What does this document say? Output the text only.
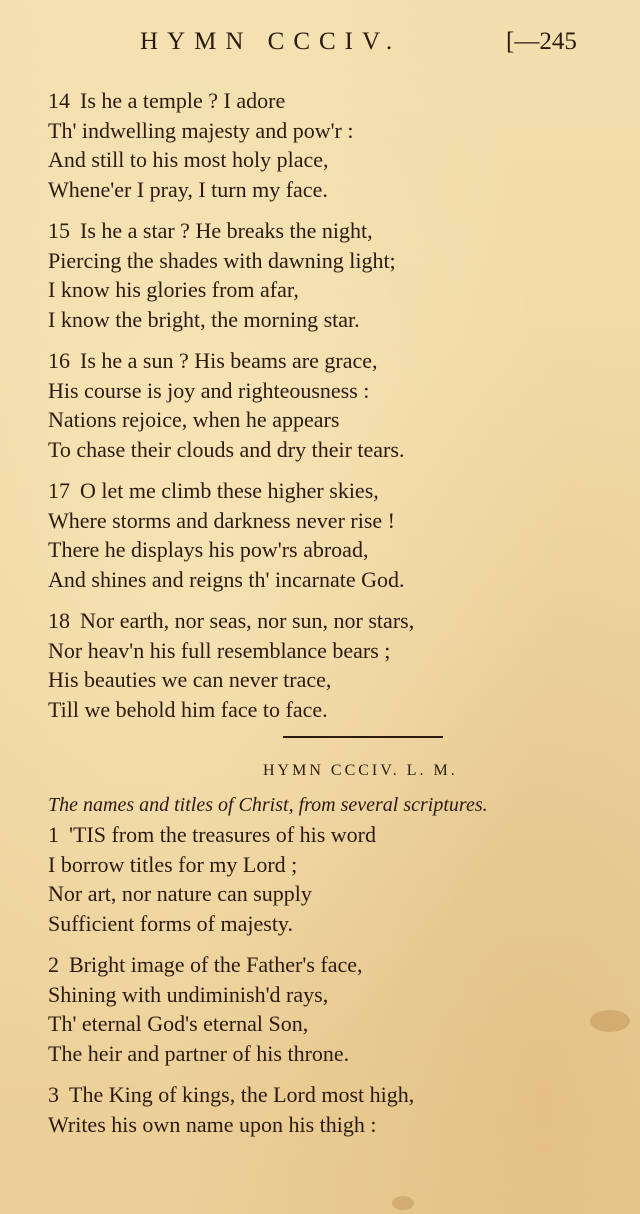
HYMN CCCIV.	[—245
14 Is he a temple ? I adore
Th' indwelling majesty and pow'r :
And still to his most holy place,
Whene'er I pray, I turn my face.
15 Is he a star ? He breaks the night,
Piercing the shades with dawning light;
I know his glories from afar,
I know the bright, the morning star.
16 Is he a sun ? His beams are grace,
His course is joy and righteousness :
Nations rejoice, when he appears
To chase their clouds and dry their tears.
17 O let me climb these higher skies,
Where storms and darkness never rise !
There he displays his pow'rs abroad,
And shines and reigns th' incarnate God.
18 Nor earth, nor seas, nor sun, nor stars,
Nor heav'n his full resemblance bears ;
His beauties we can never trace,
Till we behold him face to face.
HYMN CCCIV. L. M.
The names and titles of Christ, from several scriptures.
1 'TIS from the treasures of his word
I borrow titles for my Lord ;
Nor art, nor nature can supply
Sufficient forms of majesty.
2 Bright image of the Father's face,
Shining with undiminish'd rays,
Th' eternal God's eternal Son,
The heir and partner of his throne.
3 The King of kings, the Lord most high,
Writes his own name upon his thigh :
